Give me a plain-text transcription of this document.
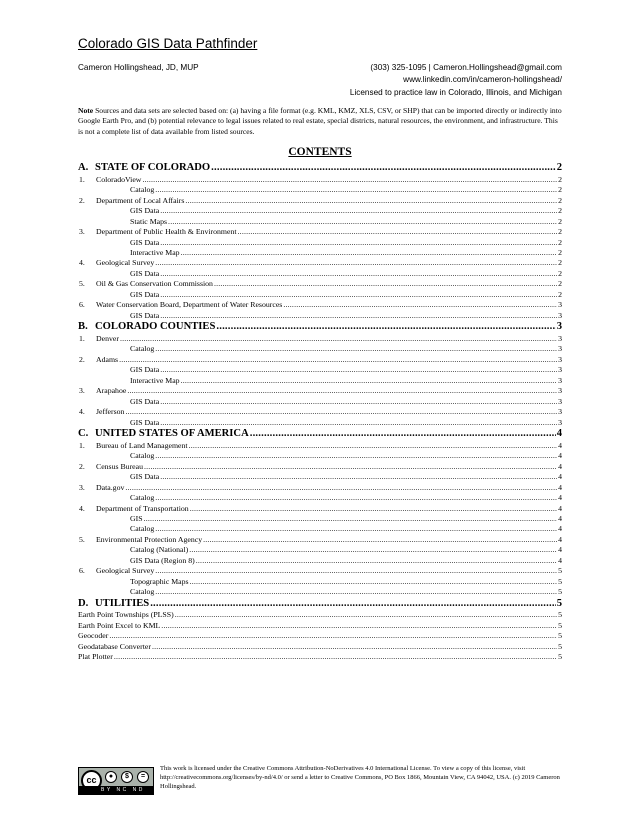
Colorado GIS Data Pathfinder
Cameron Hollingshead, JD, MUP	(303) 325-1095 | Cameron.Hollingshead@gmail.com
www.linkedin.com/in/cameron-hollingshead/
Licensed to practice law in Colorado, Illinois, and Michigan
Note Sources and data sets are selected based on: (a) having a file format (e.g. KML, KMZ, XLS, CSV, or SHP) that can be imported directly or indirectly into Google Earth Pro, and (b) potential relevance to legal issues related to real estate, special districts, natural resources, the environment, and infrastructure. This is not a complete list of data available from listed sources.
CONTENTS
A. STATE OF COLORADO .....	2
1.	ColoradoView .....	2
Catalog .....	2
2.	Department of Local Affairs .....	2
GIS Data .....	2
Static Maps .....	2
3.	Department of Public Health & Environment .....	2
GIS Data .....	2
Interactive Map .....	2
4.	Geological Survey .....	2
GIS Data .....	2
5.	Oil & Gas Conservation Commission .....	2
GIS Data .....	2
6.	Water Conservation Board, Department of Water Resources .....	3
GIS Data .....	3
B. COLORADO COUNTIES .....	3
1.	Denver .....	3
Catalog .....	3
2.	Adams .....	3
GIS Data .....	3
Interactive Map .....	3
3.	Arapahoe .....	3
GIS Data .....	3
4.	Jefferson .....	3
GIS Data .....	3
C. UNITED STATES OF AMERICA .....	4
1.	Bureau of Land Management .....	4
Catalog .....	4
2.	Census Bureau .....	4
GIS Data .....	4
3.	Data.gov .....	4
Catalog .....	4
4.	Department of Transportation .....	4
GIS .....	4
Catalog .....	4
5.	Environmental Protection Agency .....	4
Catalog (National) .....	4
GIS Data (Region 8) .....	4
6.	Geological Survey .....	5
Topographic Maps .....	5
Catalog .....	5
D. UTILITIES .....	5
Earth Point Townships (PLSS) .....	5
Earth Point Excel to KML .....	5
Geocoder .....	5
Geodatabase Converter .....	5
Plat Plotter .....	5
cc	●	$	=
BY NC ND
This work is licensed under the Creative Commons Attribution-NoDerivatives 4.0 International License. To view a copy of this license, visit http://creativecommons.org/licenses/by-nd/4.0/ or send a letter to Creative Commons, PO Box 1866, Mountain View, CA 94042, USA. (c) 2019 Cameron Hollingshead.
